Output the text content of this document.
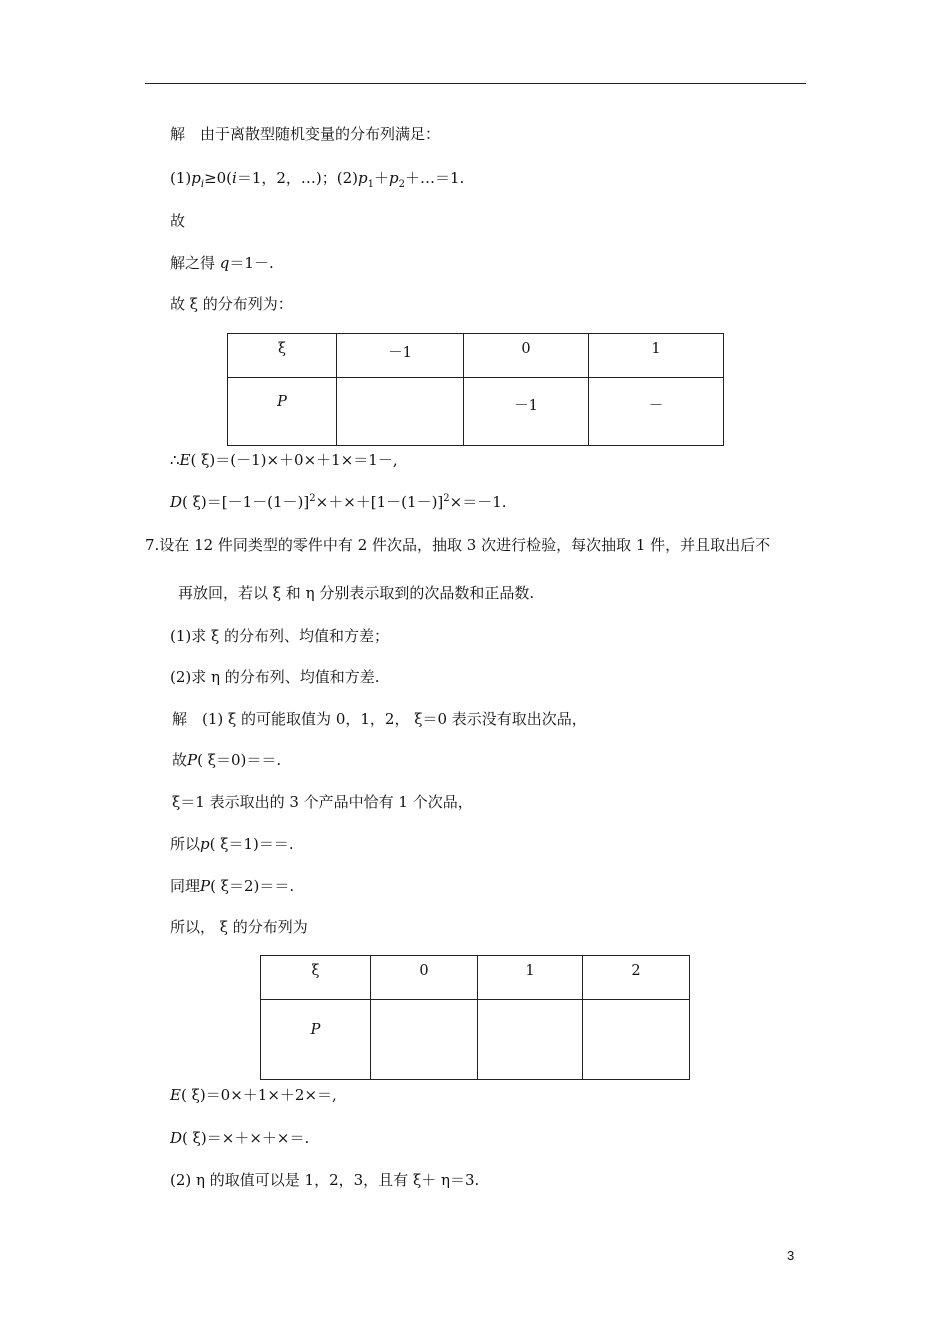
解　由于离散型随机变量的分布列满足：
$(1)p_i\ge 0(i=1$，2，…)；$(2)p_1+p_2+\dots=1$.
故
解之得 q＝1－.
故 ξ 的分布列为：
ξ	－1	0	1
P		－1	－
∴E( ξ)＝(－1)×＋0×＋1×＝1－,
D( $\xi)=[-1-(1-)]^2\times+\times+[1-(1-)]^2\times=-1$.
7.设在 12 件同类型的零件中有 2 件次品，抽取 3 次进行检验，每次抽取 1 件，并且取出后不
再放回，若以 ξ 和 η 分别表示取到的次品数和正品数.
(1)求 ξ 的分布列、均值和方差；
(2)求 η 的分布列、均值和方差.
解　(1) ξ 的可能取值为 0，1，2， ξ＝0 表示没有取出次品，
故P( ξ＝0)＝＝.
ξ＝1 表示取出的 3 个产品中恰有 1 个次品，
所以p( ξ＝1)＝＝.
同理P( ξ＝2)＝＝.
所以， ξ 的分布列为
ξ	0	1	2
P			
E( ξ)＝0×＋1×＋2×＝,
D( ξ)＝×＋×＋×＝.
(2) η 的取值可以是 1，2，3，且有 ξ＋ η＝3.
3
